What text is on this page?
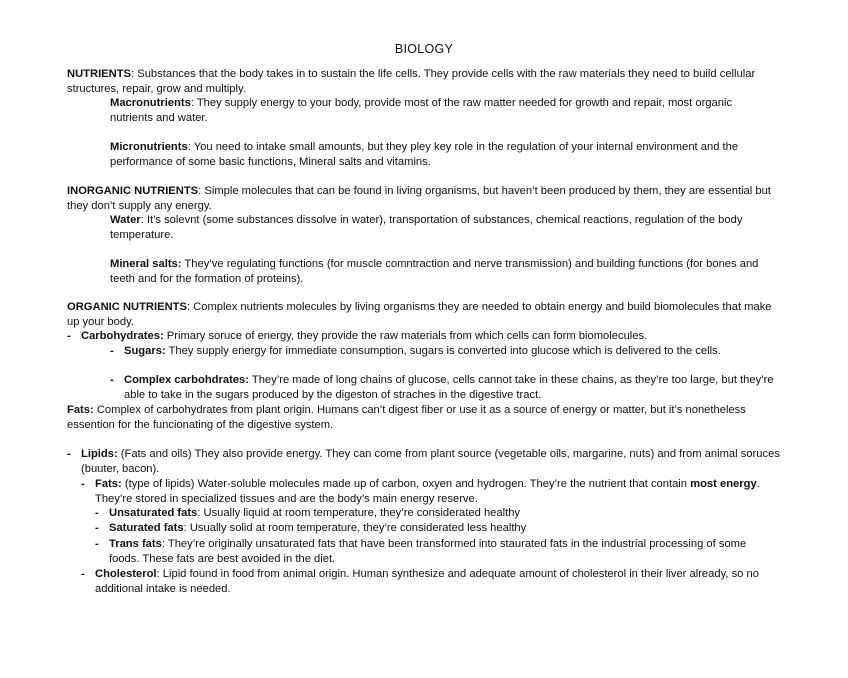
BIOLOGY

NUTRIENTS: Substances that the body takes in to sustain the life cells. They provide cells with the raw materials they need to build cellular structures, repair, grow and multiply.

Macronutrients: They supply energy to your body, provide most of the raw matter needed for growth and repair, most organic nutrients and water.

Micronutrients: You need to intake small amounts, but they pley key role in the regulation of your internal environment and the performance of some basic functions, Mineral salts and vitamins.

INORGANIC NUTRIENTS: Simple molecules that can be found in living organisms, but haven’t been produced by them, they are essential but they don’t supply any energy.

Water: It’s solevnt (some substances dissolve in water), transportation of substances, chemical reactions, regulation of the body temperature.

Mineral salts: They’ve regulating functions (for muscle comntraction and nerve transmission) and building functions (for bones and teeth and for the formation of proteins).

ORGANIC NUTRIENTS: Complex nutrients molecules by living organisms they are needed to obtain energy and build biomolecules that make up your body.

- Carbohydrates: Primary soruce of energy, they provide the raw materials from which cells can form biomolecules.

- Sugars: They supply energy for immediate consumption, sugars is converted into glucose which is delivered to the cells.

- Complex carbohdrates: They’re made of long chains of glucose, cells cannot take in these chains, as they’re too large, but they’re able to take in the sugars produced by the digeston of straches in the digestive tract.

Fats: Complex of carbohydrates from plant origin. Humans can’t digest fiber or use it as a source of energy or matter, but it’s nonetheless essention for the funcionating of the digestive system.

- Lipids: (Fats and oils) They also provide energy. They can come from plant source (vegetable oils, margarine, nuts) and from animal soruces (buuter, bacon).

- Fats: (type of lipids) Water-soluble molecules made up of carbon, oxyen and hydrogen. They’re the nutrient that contain most energy. They’re stored in specialized tissues and are the body’s main energy reserve.

- Unsaturated fats: Usually liquid at room temperature, they’re considerated healthy

- Saturated fats: Usually solid at room temperature, they’re considerated less healthy

- Trans fats: They’re originally unsaturated fats that have been transformed into staurated fats in the industrial processing of some foods. These fats are best avoided in the diet.

- Cholesterol: Lipid found in food from animal origin. Human synthesize and adequate amount of cholesterol in their liver already, so no additional intake is needed.
